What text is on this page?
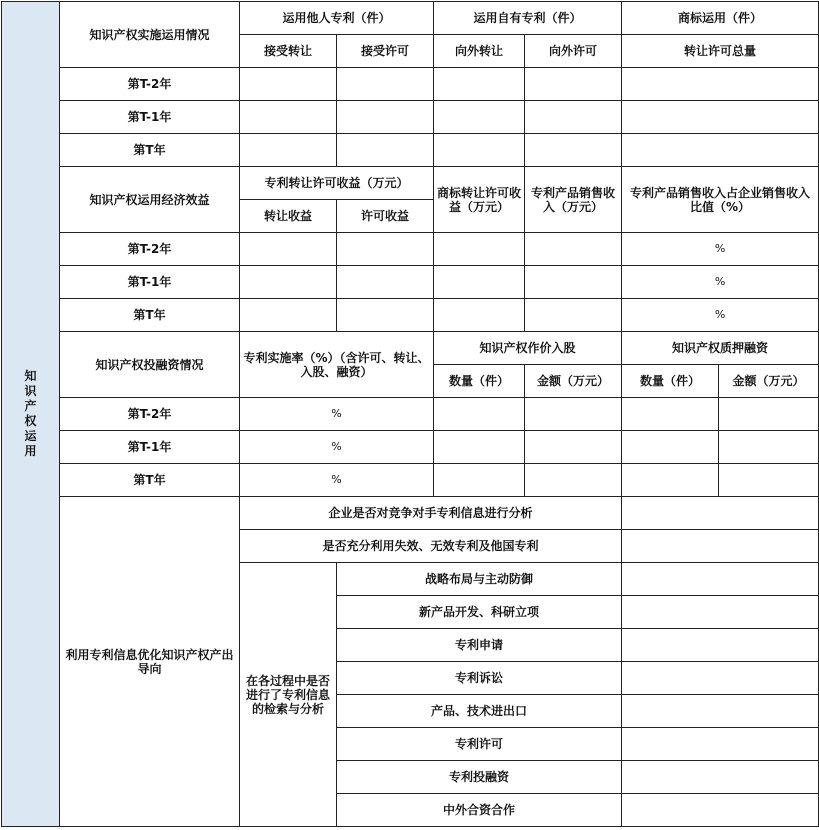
知识产权运用	知识产权实施运用情况	运用他人专利（件）		运用自有专利（件）		商标运用（件）	
		接受转让	接受许可	向外转让	向外许可	转让许可总量	
	第T-2年						
	第T-1年						
	第T年						
	知识产权运用经济效益	专利转让许可收益（万元）		商标转让许可收益（万元）	专利产品销售收入（万元）	专利产品销售收入占企业销售收入比值（%）	
		转让收益	许可收益				
	第T-2年					%	
	第T-1年					%	
	第T年					%	
	知识产权投融资情况	专利实施率（%）（含许可、转让、入股、融资）		知识产权作价入股		知识产权质押融资	
				数量（件）	金额（万元）	数量（件）	金额（万元）
	第T-2年	%					
	第T-1年	%					
	第T年	%					
	利用专利信息优化知识产权产出导向	企业是否对竞争对手专利信息进行分析					
		是否充分利用失效、无效专利及他国专利					
		在各过程中是否进行了专利信息的检索与分析	战略布局与主动防御				
			新产品开发、科研立项				
			专利申请				
			专利诉讼				
			产品、技术进出口				
			专利许可				
			专利投融资				
			中外合资合作				
